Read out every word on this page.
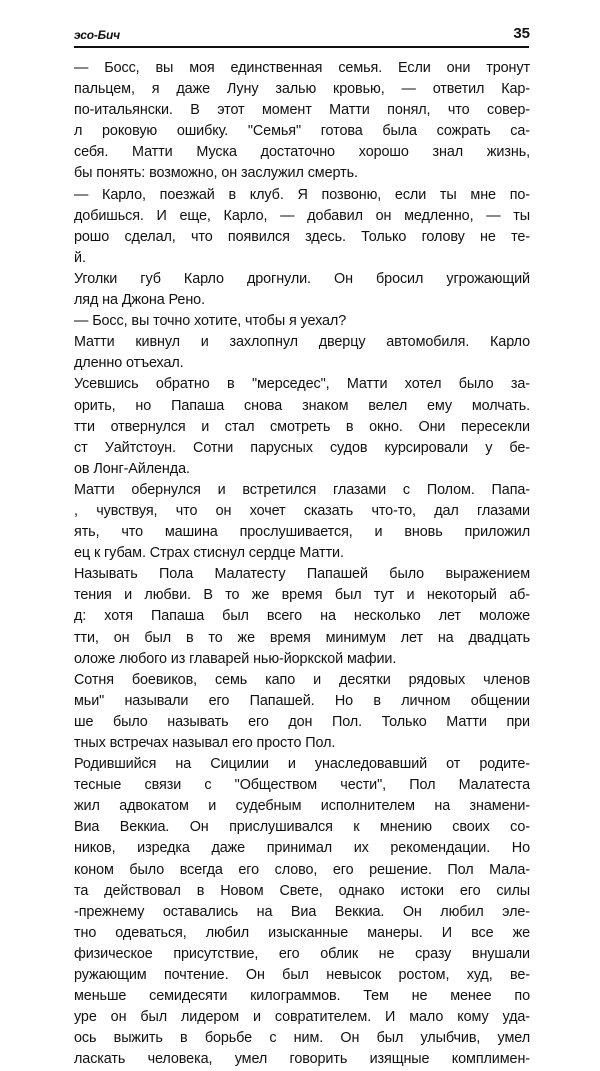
эсо-Бич	35
— Босс, вы моя единственная семья. Если они тронут
пальцем, я даже Луну залью кровью, — ответил Кар-
по-итальянски. В этот момент Матти понял, что совер-
л роковую ошибку. "Семья" готова была сожрать са-
себя. Матти Муска достаточно хорошо знал жизнь,
бы понять: возможно, он заслужил смерть.
— Карло, поезжай в клуб. Я позвоню, если ты мне по-
добишься. И еще, Карло, — добавил он медленно, — ты
рошо сделал, что появился здесь. Только голову не те-
й.
Уголки губ Карло дрогнули. Он бросил угрожающий
ляд на Джона Рено.
— Босс, вы точно хотите, чтобы я уехал?
Матти кивнул и захлопнул дверцу автомобиля. Карло
дленно отъехал.
Усевшись обратно в "мерседес", Матти хотел было за-
орить, но Папаша снова знаком велел ему молчать.
тти отвернулся и стал смотреть в окно. Они пересекли
ст Уайтстоун. Сотни парусных судов курсировали у бе-
ов Лонг-Айленда.
Матти обернулся и встретился глазами с Полом. Папа-
, чувствуя, что он хочет сказать что-то, дал глазами
ять, что машина прослушивается, и вновь приложил
ец к губам. Страх стиснул сердце Матти.
Называть Пола Малатесту Папашей было выражением
тения и любви. В то же время был тут и некоторый аб-
д: хотя Папаша был всего на несколько лет моложе
тти, он был в то же время минимум лет на двадцать
оложе любого из главарей нью-йоркской мафии.
Сотня боевиков, семь капо и десятки рядовых членов
мьи" называли его Папашей. Но в личном общении
ше было называть его дон Пол. Только Матти при
тных встречах называл его просто Пол.
Родившийся на Сицилии и унаследовавший от родите-
тесные связи с "Обществом чести", Пол Малатеста
жил адвокатом и судебным исполнителем на знамени-
Виа Веккиа. Он прислушивался к мнению своих со-
ников, изредка даже принимал их рекомендации. Но
коном было всегда его слово, его решение. Пол Мала-
та действовал в Новом Свете, однако истоки его силы
-прежнему оставались на Виа Веккиа. Он любил эле-
тно одеваться, любил изысканные манеры. И все же
физическое присутствие, его облик не сразу внушали
ружающим почтение. Он был невысок ростом, худ, ве-
меньше семидесяти килограммов. Тем не менее по
уре он был лидером и совратителем. И мало кому уда-
ось выжить в борьбе с ним. Он был улыбчив, умел
ласкать человека, умел говорить изящные комплимен-
